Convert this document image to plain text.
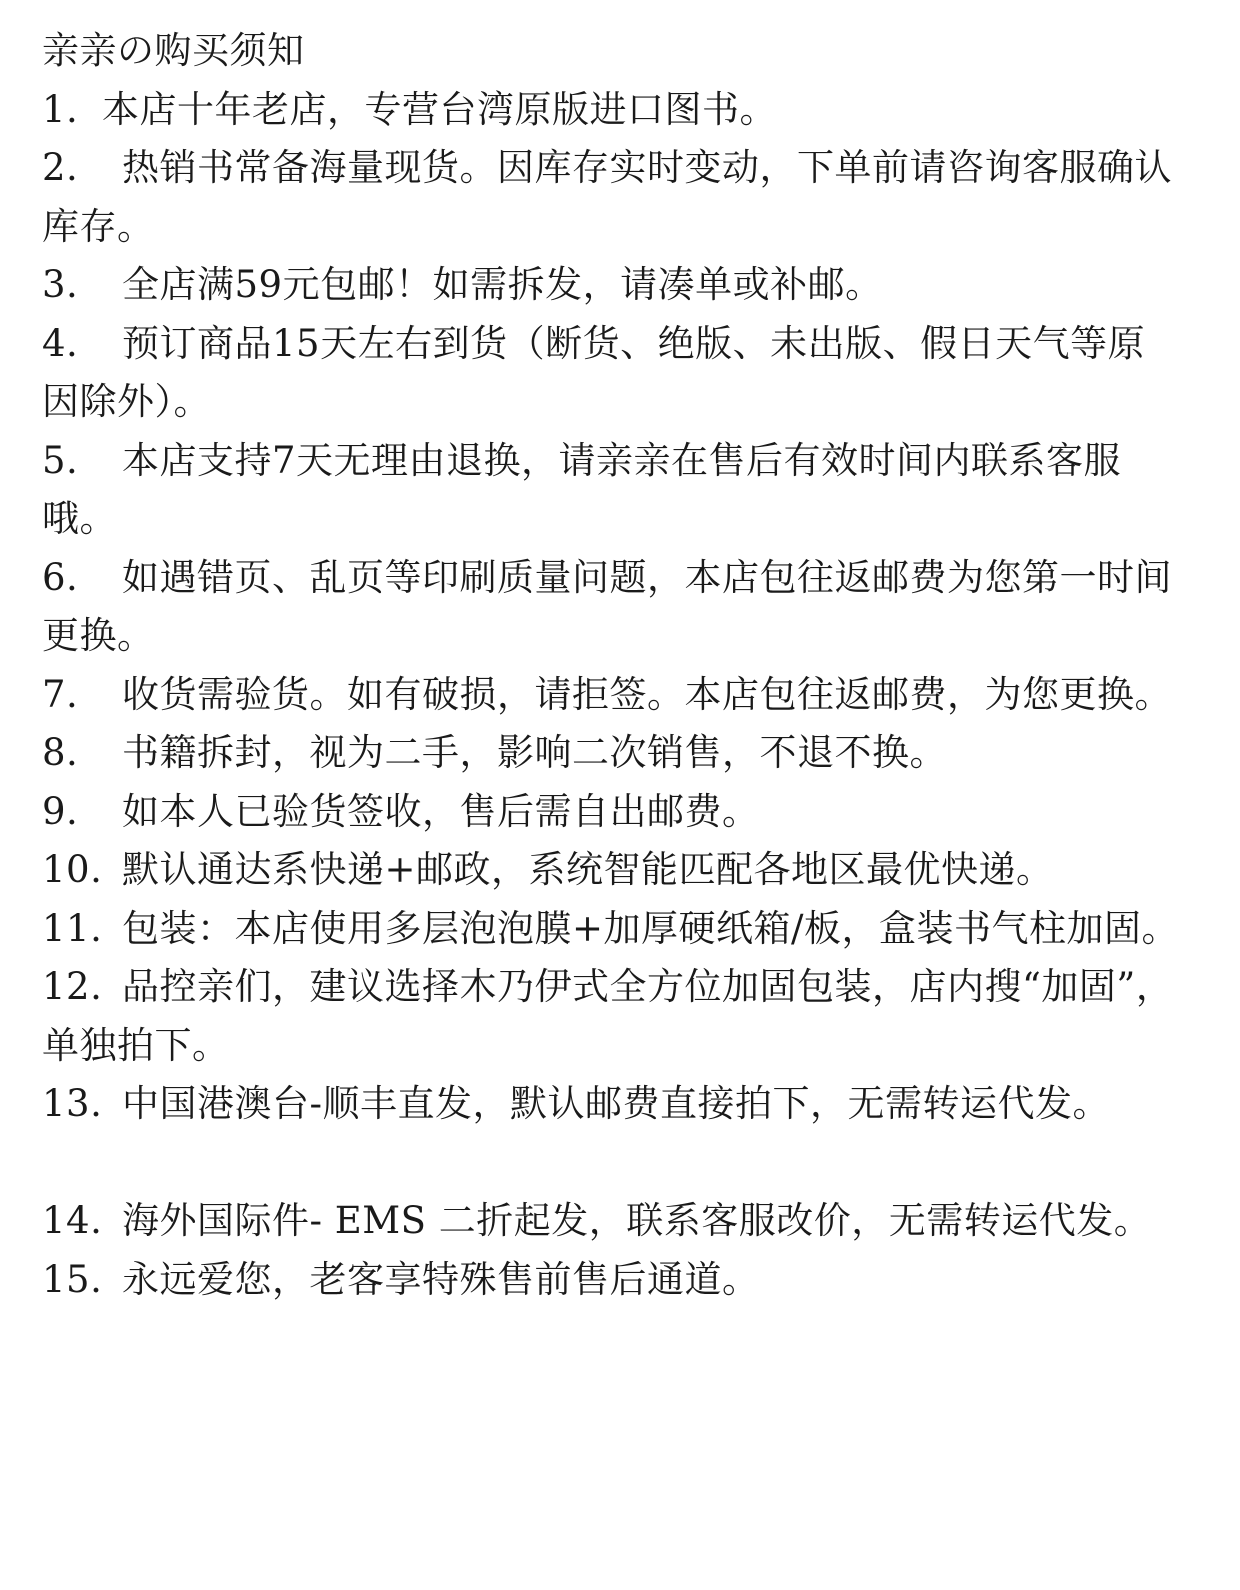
亲亲の购买须知
1. 本店十年老店，专营台湾原版进口图书。
2.	热销书常备海量现货。因库存实时变动，下单前请咨询客服确认库存。
3.	全店满59元包邮！如需拆发，请凑单或补邮。
4.	预订商品15天左右到货（断货、绝版、未出版、假日天气等原因除外）。
5.	本店支持7天无理由退换，请亲亲在售后有效时间内联系客服哦。
6.	如遇错页、乱页等印刷质量问题，本店包往返邮费为您第一时间更换。
7.	收货需验货。如有破损，请拒签。本店包往返邮费，为您更换。
8.	书籍拆封，视为二手，影响二次销售，不退不换。
9.	如本人已验货签收，售后需自出邮费。
10. 默认通达系快递+邮政，系统智能匹配各地区最优快递。
11. 包装：本店使用多层泡泡膜+加厚硬纸箱/板，盒装书气柱加固。
12. 品控亲们，建议选择木乃伊式全方位加固包装，店内搜“加固”，单独拍下。
13. 中国港澳台-顺丰直发，默认邮费直接拍下，无需转运代发。
14. 海外国际件- EMS 二折起发，联系客服改价，无需转运代发。
15. 永远爱您，老客享特殊售前售后通道。
